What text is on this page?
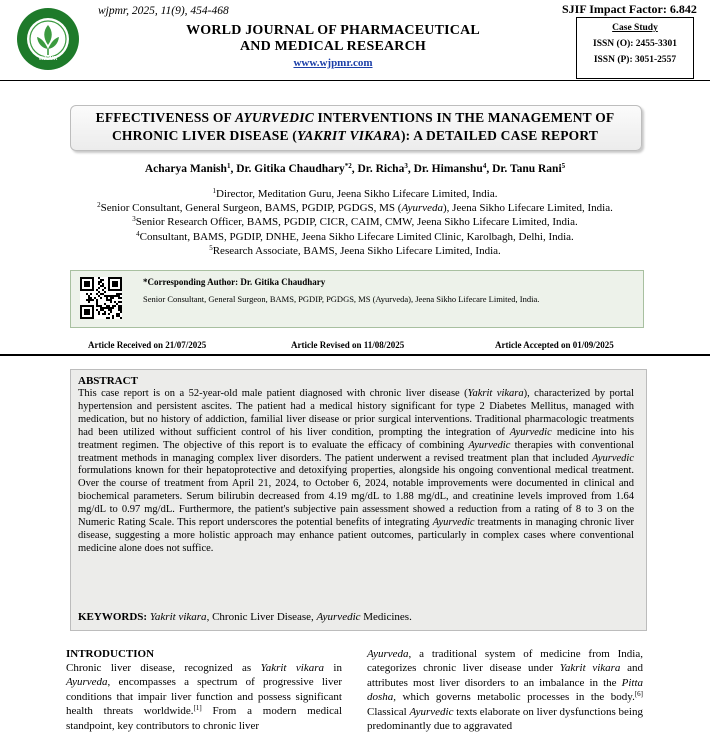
WJPMR
wjpmr, 2025, 11(9), 454-468
WORLD JOURNAL OF PHARMACEUTICAL
AND MEDICAL RESEARCH
www.wjpmr.com
SJIF Impact Factor: 6.842
Case Study
ISSN (O): 2455-3301
ISSN (P): 3051-2557
EFFECTIVENESS OF AYURVEDIC INTERVENTIONS IN THE MANAGEMENT OF
CHRONIC LIVER DISEASE (YAKRIT VIKARA): A DETAILED CASE REPORT
Acharya Manish$^1$, Dr. Gitika Chaudhary$^{*2}$, Dr. Richa$^3$, Dr. Himanshu$^4$, Dr. Tanu Rani$^5$
$^1$Director, Meditation Guru, Jeena Sikho Lifecare Limited, India.
$^2$Senior Consultant, General Surgeon, BAMS, PGDIP, PGDGS, MS (Ayurveda), Jeena Sikho Lifecare Limited, India.
$^3$Senior Research Officer, BAMS, PGDIP, CICR, CAIM, CMW, Jeena Sikho Lifecare Limited, India.
$^4$Consultant, BAMS, PGDIP, DNHE, Jeena Sikho Lifecare Limited Clinic, Karolbagh, Delhi, India.
$^5$Research Associate, BAMS, Jeena Sikho Lifecare Limited, India.
*Corresponding Author: Dr. Gitika Chaudhary
Senior Consultant, General Surgeon, BAMS, PGDIP, PGDGS, MS (Ayurveda), Jeena Sikho Lifecare Limited, India.
Article Received on 21/07/2025	Article Revised on 11/08/2025	Article Accepted on 01/09/2025
ABSTRACT
This case report is on a 52-year-old male patient diagnosed with chronic liver disease (Yakrit vikara), characterized by portal hypertension and persistent ascites. The patient had a medical history significant for type 2 Diabetes Mellitus, managed with medication, but no history of addiction, familial liver disease or prior surgical interventions. Traditional pharmacologic treatments had been utilized without sufficient control of his liver condition, prompting the integration of Ayurvedic medicine into his treatment regimen. The objective of this report is to evaluate the efficacy of combining Ayurvedic therapies with conventional treatment methods in managing complex liver disorders. The patient underwent a revised treatment plan that included Ayurvedic formulations known for their hepatoprotective and detoxifying properties, alongside his ongoing conventional medical treatment. Over the course of treatment from April 21, 2024, to October 6, 2024, notable improvements were documented in clinical and biochemical parameters. Serum bilirubin decreased from 4.19 mg/dL to 1.88 mg/dL, and creatinine levels improved from 1.64 mg/dL to 0.97 mg/dL. Furthermore, the patient's subjective pain assessment showed a reduction from a rating of 8 to 3 on the Numeric Rating Scale. This report underscores the potential benefits of integrating Ayurvedic treatments in managing chronic liver disease, suggesting a more holistic approach may enhance patient outcomes, particularly in complex cases where conventional medicine alone does not suffice.
KEYWORDS: Yakrit vikara, Chronic Liver Disease, Ayurvedic Medicines.
INTRODUCTION
Chronic liver disease, recognized as Yakrit vikara in Ayurveda, encompasses a spectrum of progressive liver conditions that impair liver function and possess significant health threats worldwide.[1] From a modern medical standpoint, key contributors to chronic liver
Ayurveda, a traditional system of medicine from India, categorizes chronic liver disease under Yakrit vikara and attributes most liver disorders to an imbalance in the Pitta dosha, which governs metabolic processes in the body.[6] Classical Ayurvedic texts elaborate on liver dysfunctions being predominantly due to aggravated
